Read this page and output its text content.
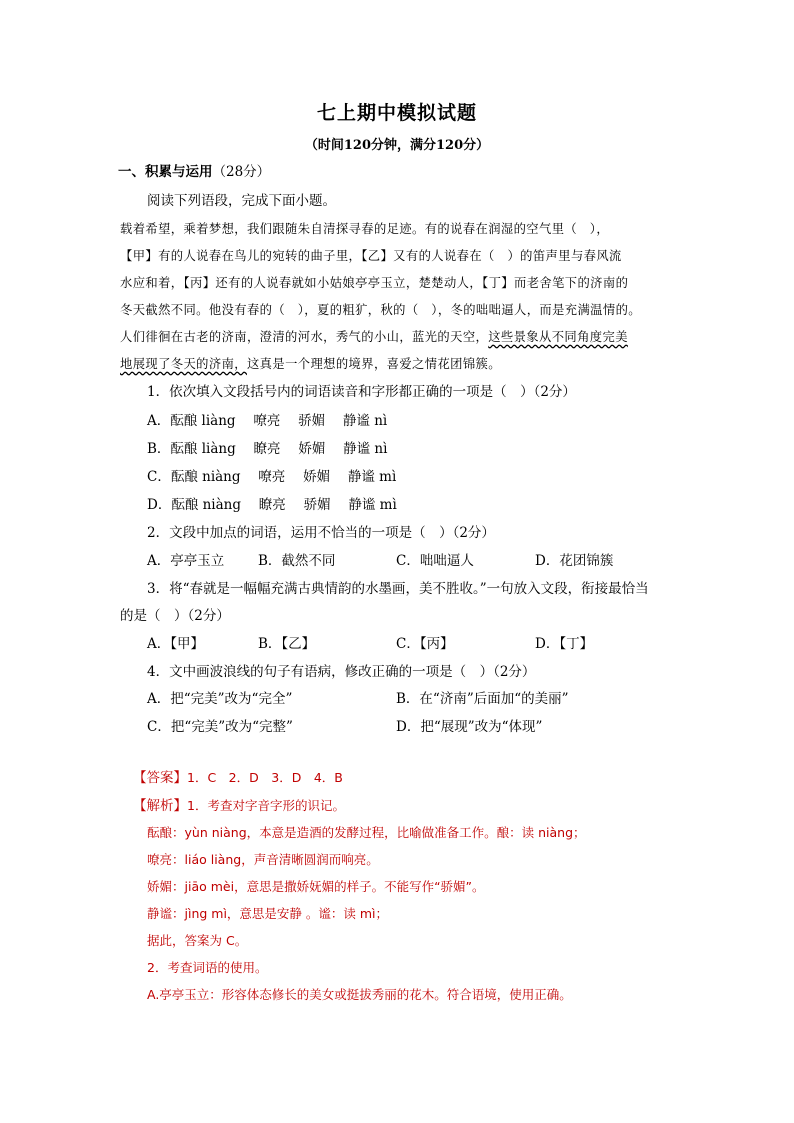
七上期中模拟试题
（时间120分钟，满分120分）
一、积累与运用（28分）
阅读下列语段，完成下面小题。
载着希望，乘着梦想，我们跟随朱自清探寻春的足迹。有的说春在润湿的空气里（　），
【甲】有的人说春在鸟儿的宛转的曲子里，【乙】又有的人说春在（　）的笛声里与春风流
水应和着，【丙】还有的人说春就如小姑娘亭亭玉立，楚楚动人，【丁】而老舍笔下的济南的
冬天截然不同。他没有春的（　），夏的粗犷，秋的（　），冬的咄咄逼人，而是充满温情的。
人们徘徊在古老的济南，澄清的河水，秀气的小山，蓝光的天空，这些景象从不同角度完美
地展现了冬天的济南，这真是一个理想的境界，喜爱之情花团锦簇。
1．依次填入文段括号内的词语读音和字形都正确的一项是（　）（2分）
A．酝酿 liàng　 嘹亮　 骄媚　 静谧 nì
B．酝酿 liàng　 瞭亮　 娇媚　 静谧 nì
C．酝酿 niàng　 嘹亮　 娇媚　 静谧 mì
D．酝酿 niàng　 瞭亮　 骄媚　 静谧 mì
2．文段中加点的词语，运用不恰当的一项是（　）（2分）
A．亭亭玉立	B．截然不同	C．咄咄逼人	D．花团锦簇
3．将“春就是一幅幅充满古典情韵的水墨画，美不胜收。”一句放入文段，衔接最恰当
的是（　）（2分）
A．【甲】	B．【乙】	C．【丙】	D．【丁】
4．文中画波浪线的句子有语病，修改正确的一项是（　）（2分）
A．把“完美”改为“完全”	B．在“济南”后面加“的美丽”
C．把“完美”改为“完整”	D．把“展现”改为“体现”
【答案】1．C　2．D　3．D　4．B
【解析】1．考查对字音字形的识记。
酝酿：yùn niàng，本意是造酒的发酵过程，比喻做准备工作。酿：读 niàng；
嘹亮：liáo liàng，声音清晰圆润而响亮。
娇媚：jiāo mèi，意思是撒娇妩媚的样子。不能写作“骄媚”。
静谧：jìng mì，意思是安静 。谧：读 mì；
据此，答案为 C。
2．考查词语的使用。
A.亭亭玉立：形容体态修长的美女或挺拔秀丽的花木。符合语境，使用正确。
